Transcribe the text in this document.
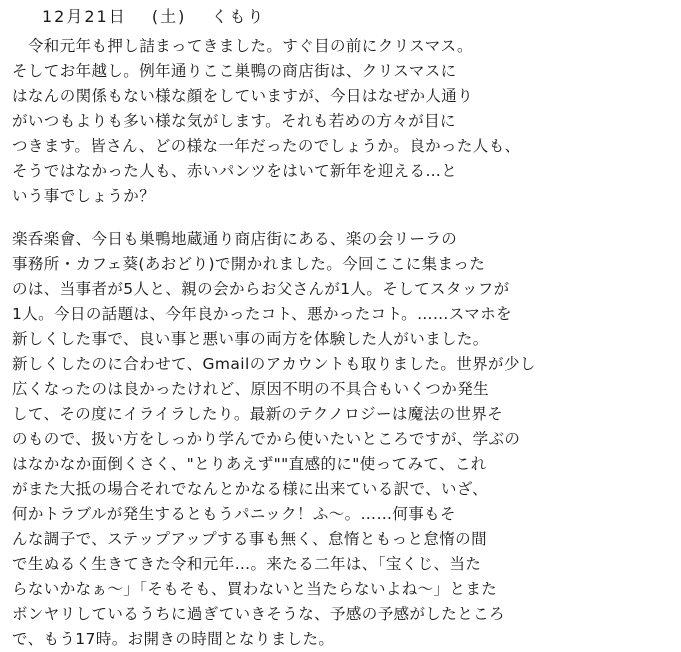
12月21日 (土) くもり
　令和元年も押し詰まってきました。すぐ目の前にクリスマス。
そしてお年越し。例年通りここ巣鴨の商店街は、クリスマスに
はなんの関係もない様な顔をしていますが、今日はなぜか人通り
がいつもよりも多い様な気がします。それも若めの方々が目に
つきます。皆さん、どの様な一年だったのでしょうか。良かった人も、
そうではなかった人も、赤いパンツをはいて新年を迎える…と
いう事でしょうか？
楽呑楽會、今日も巣鴨地蔵通り商店街にある、楽の会リーラの
事務所・カフェ葵(あおどり)で開かれました。今回ここに集まった
のは、当事者が5人と、親の会からお父さんが1人。そしてスタッフが
1人。今日の話題は、今年良かったコト、悪かったコト。……スマホを
新しくした事で、良い事と悪い事の両方を体験した人がいました。
新しくしたのに合わせて、Gmailのアカウントも取りました。世界が少し
広くなったのは良かったけれど、原因不明の不具合もいくつか発生
して、その度にイライラしたり。最新のテクノロジーは魔法の世界そ
のもので、扱い方をしっかり学んでから使いたいところですが、学ぶの
はなかなか面倒くさく、"とりあえず""直感的に"使ってみて、これ
がまた大抵の場合それでなんとかなる様に出来ている訳で、いざ、
何かトラブルが発生するともうパニック！ふ〜。……何事もそ
んな調子で、ステップアップする事も無く、怠惰ともっと怠惰の間
で生ぬるく生きてきた令和元年…。来たる二年は、「宝くじ、当た
らないかなぁ〜」「そもそも、買わないと当たらないよね〜」とまた
ボンヤリしているうちに過ぎていきそうな、予感の予感がしたところ
で、もう17時。お開きの時間となりました。
